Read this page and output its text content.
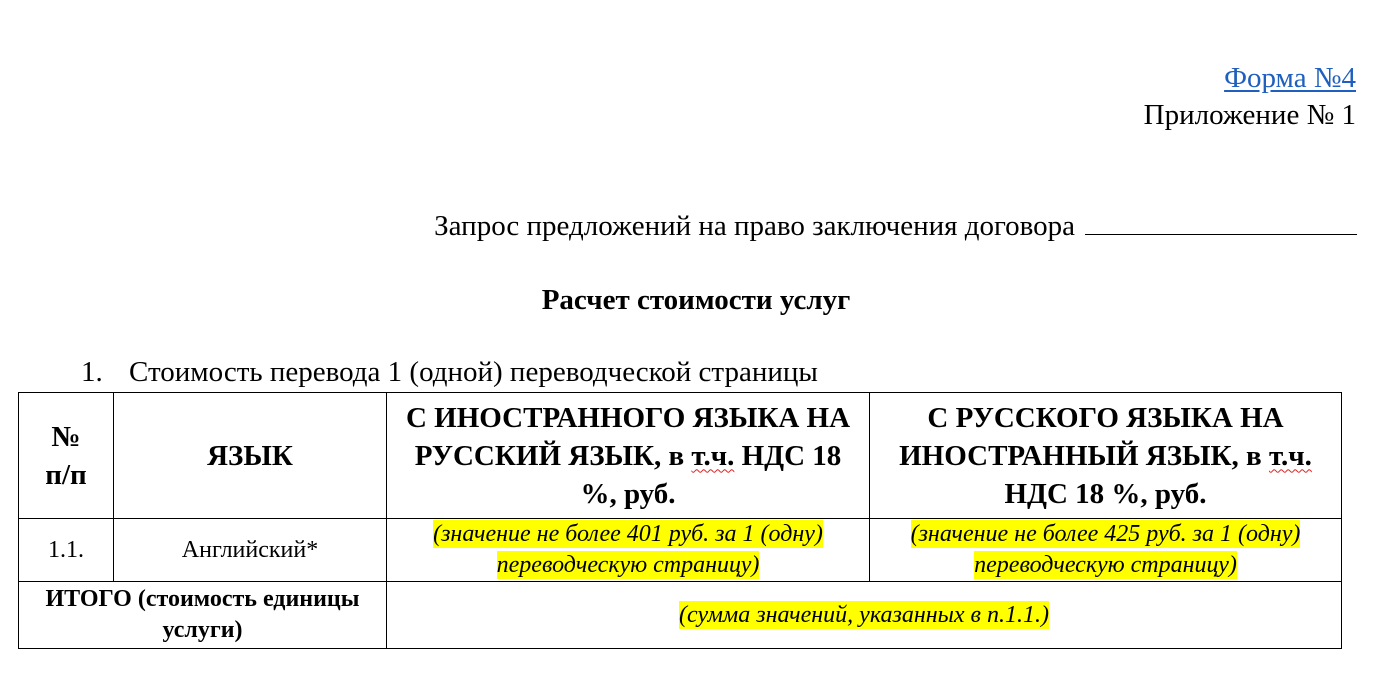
Форма №4
Приложение № 1
Запрос предложений на право заключения договора
Расчет стоимости услуг
1. Стоимость перевода 1 (одной) переводческой страницы
№
п/п	ЯЗЫК	С ИНОСТРАННОГО ЯЗЫКА НА РУССКИЙ ЯЗЫК, в т.ч. НДС 18 %, руб.	С РУССКОГО ЯЗЫКА НА ИНОСТРАННЫЙ ЯЗЫК, в т.ч. НДС 18 %, руб.
1.1.	Английский*	(значение не более 401 руб. за 1 (одну) переводческую страницу)	(значение не более 425 руб. за 1 (одну) переводческую страницу)
ИТОГО (стоимость единицы услуги)		(сумма значений, указанных в п.1.1.)	
